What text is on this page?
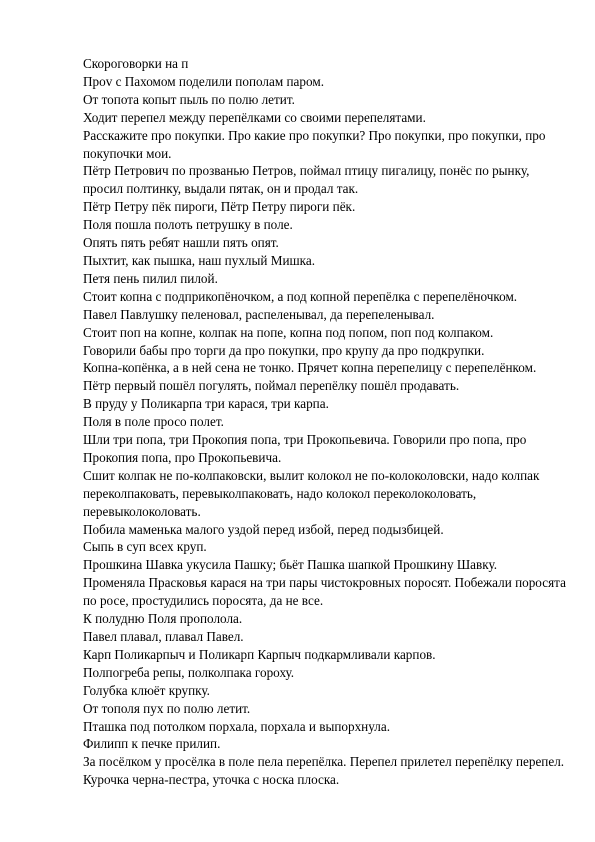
Скороговорки на п

Проv с Пахомом поделили пополам паром.

От топота копыт пыль по полю летит.

Ходит перепел между перепёлками со своими перепелятами.

Расскажите про покупки. Про какие про покупки? Про покупки, про покупки, про покупочки мои.

Пётр Петрович по прозванью Петров, поймал птицу пигалицу, понёс по рынку, просил полтинку, выдали пятак, он и продал так.

Пётр Петру пёк пироги, Пётр Петру пироги пёк.

Поля пошла полоть петрушку в поле.

Опять пять ребят нашли пять опят.

Пыхтит, как пышка, наш пухлый Мишка.

Петя пень пилил пилой.

Стоит копна с подприкопёночком, а под копной перепёлка с перепелёночком.

Павел Павлушку пеленовал, распеленывал, да перепеленывал.

Стоит поп на копне, колпак на попе, копна под попом, поп под колпаком.

Говорили бабы про торги да про покупки, про крупу да про подкрупки.

Копна-копёнка, а в ней сена не тонко. Прячет копна перепелицу с перепелёнком.

Пётр первый пошёл погулять, поймал перепёлку пошёл продавать.

В пруду у Поликарпа три карася, три карпа.

Поля в поле просо полет.

Шли три попа, три Прокопия попа, три Прокопьевича. Говорили про попа, про Прокопия попа, про Прокопьевича.

Сшит колпак не по-колпаковски, вылит колокол не по-колоколовски, надо колпак переколпаковать, перевыколпаковать, надо колокол переколоколовать, перевыколоколовать.

Побила маменька малого уздой перед избой, перед подызбицей.

Сыпь в суп всех круп.

Прошкина Шавка укусила Пашку; бьёт Пашка шапкой Прошкину Шавку.

Променяла Прасковья карася на три пары чистокровных поросят. Побежали поросята по росе, простудились поросята, да не все.

К полудню Поля прополола.

Павел плавал, плавал Павел.

Карп Поликарпыч и Поликарп Карпыч подкармливали карпов.

Полпогреба репы, полколпака гороху.

Голубка клюёт крупку.

От тополя пух по полю летит.

Пташка под потолком порхала, порхала и выпорхнула.

Филипп к печке прилип.

За посёлком у просёлка в поле пела перепёлка. Перепел прилетел перепёлку перепел.

Курочка черна-пестра, уточка с носка плоска.
